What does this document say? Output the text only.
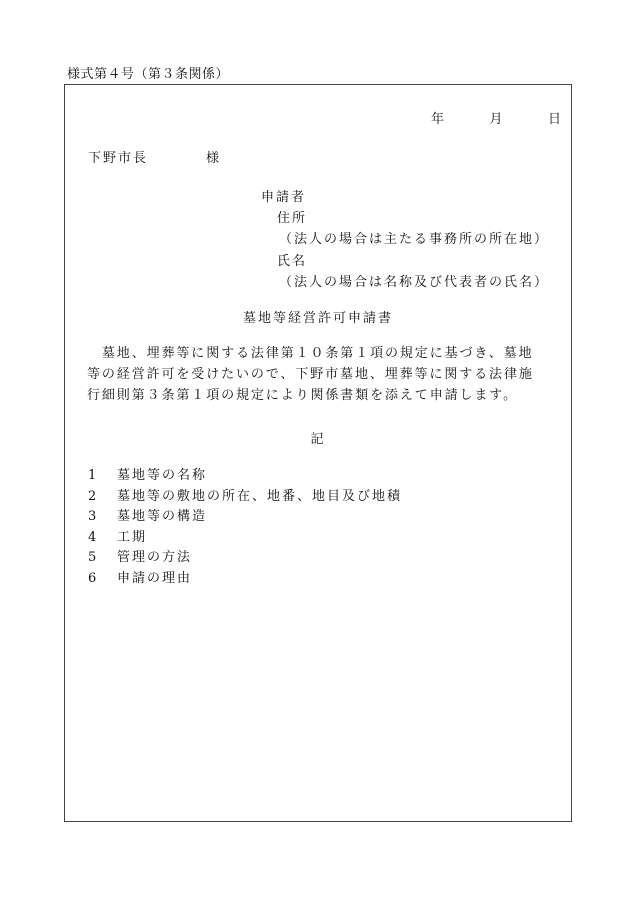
様式第４号（第３条関係）
年	月	日
下野市長	様
申請者
住所
（法人の場合は主たる事務所の所在地）
氏名
（法人の場合は名称及び代表者の氏名）
墓地等経営許可申請書
　墓地、埋葬等に関する法律第１０条第１項の規定に基づき、墓地
等の経営許可を受けたいので、下野市墓地、埋葬等に関する法律施
行細則第３条第１項の規定により関係書類を添えて申請します。
記
1 墓地等の名称
2 墓地等の敷地の所在、地番、地目及び地積
3 墓地等の構造
4 工期
5 管理の方法
6 申請の理由
